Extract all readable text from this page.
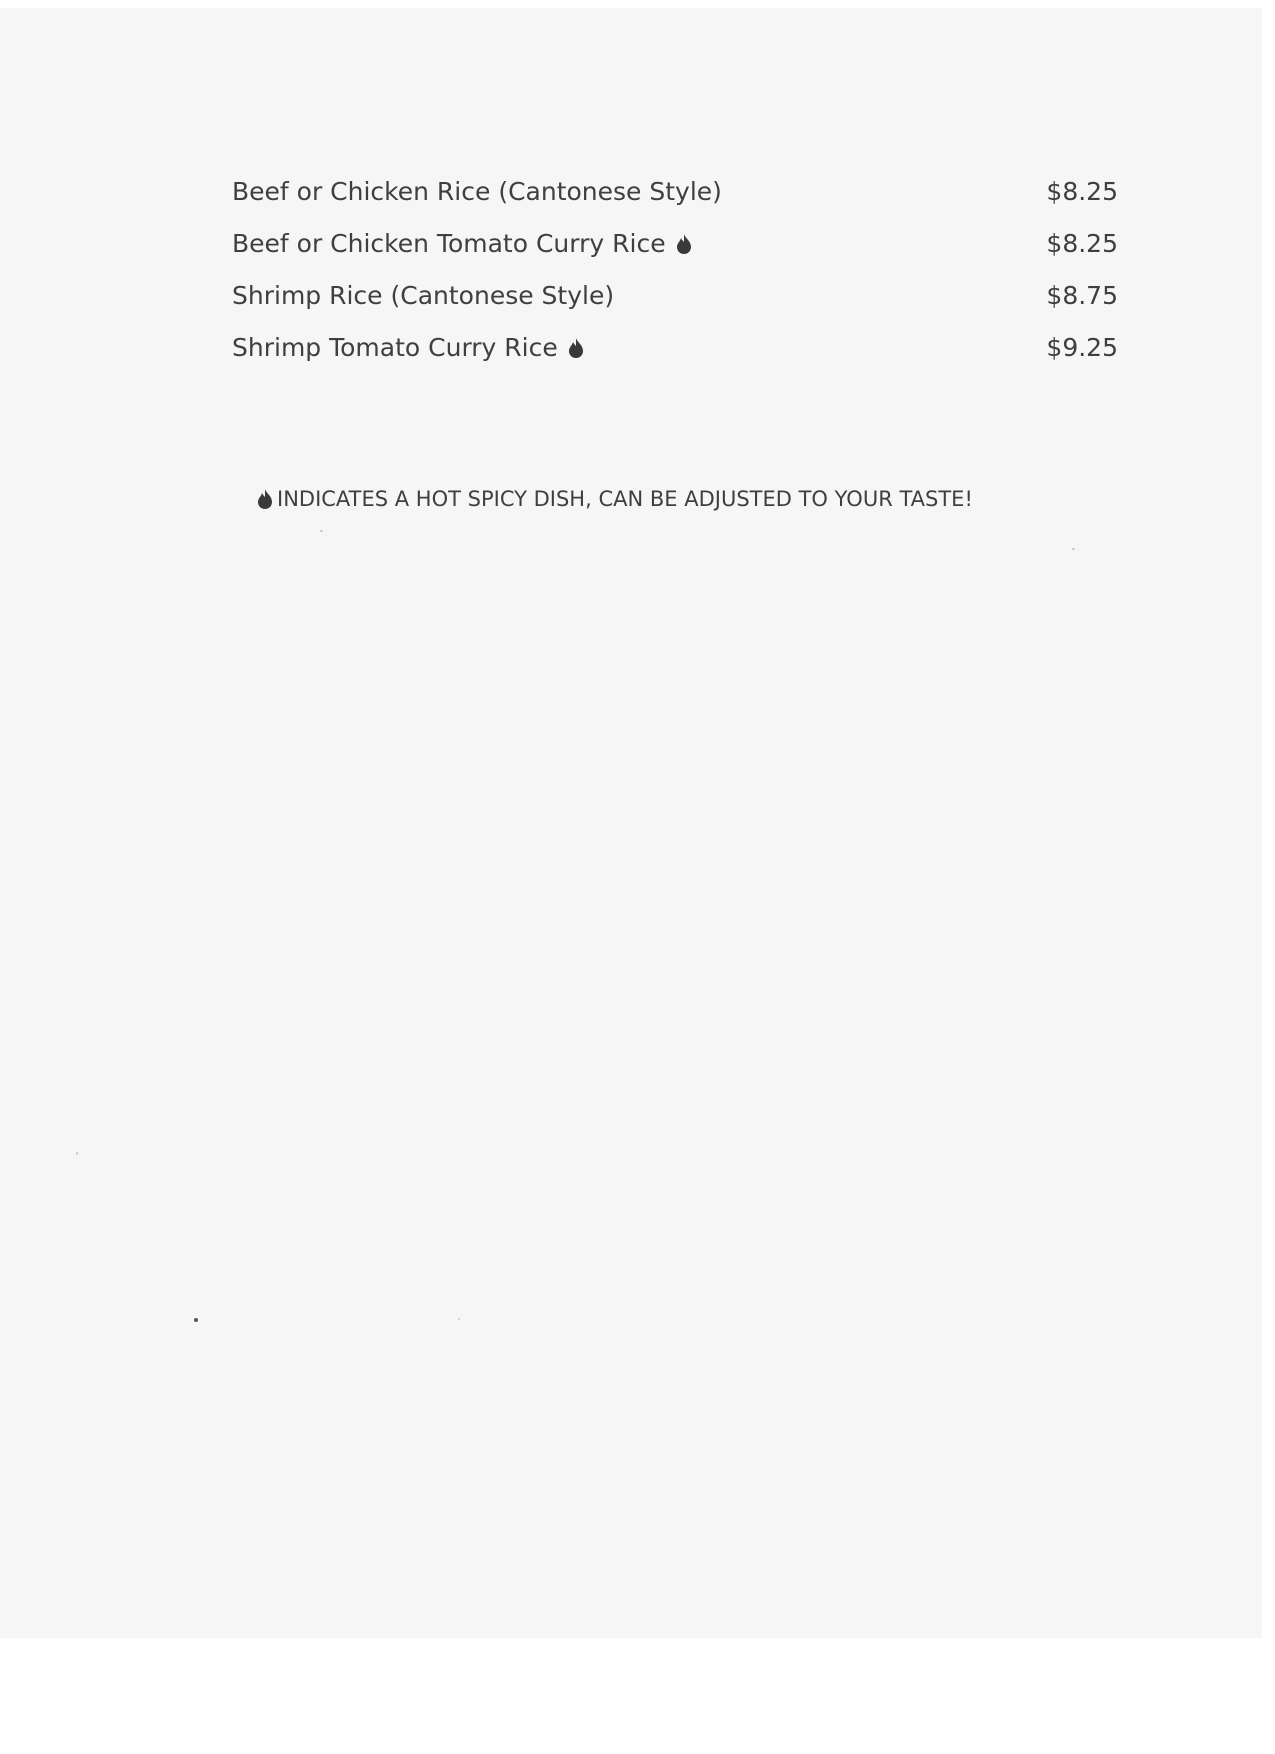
Beef or Chicken Rice (Cantonese Style)	$8.25
Beef or Chicken Tomato Curry Rice	$8.25
Shrimp Rice (Cantonese Style)	$8.75
Shrimp Tomato Curry Rice	$9.25
INDICATES A HOT SPICY DISH, CAN BE ADJUSTED TO YOUR TASTE!
